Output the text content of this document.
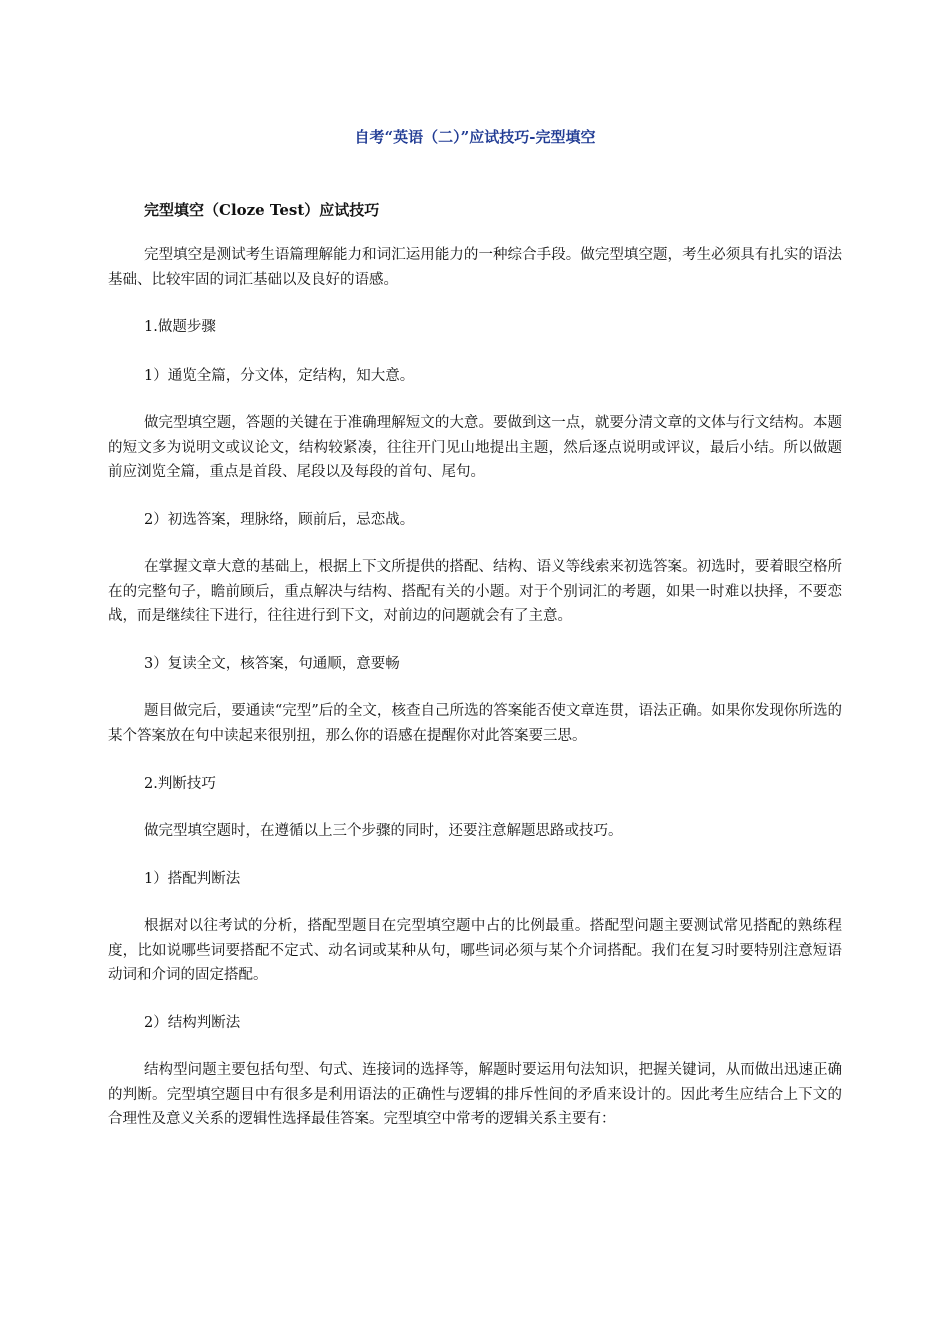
自考“英语（二）”应试技巧-完型填空
完型填空（Cloze Test）应试技巧
完型填空是测试考生语篇理解能力和词汇运用能力的一种综合手段。做完型填空题，考生必须具有扎实的语法基础、比较牢固的词汇基础以及良好的语感。
1.做题步骤
1）通览全篇，分文体，定结构，知大意。
做完型填空题，答题的关键在于准确理解短文的大意。要做到这一点，就要分清文章的文体与行文结构。本题的短文多为说明文或议论文，结构较紧凑，往往开门见山地提出主题，然后逐点说明或评议，最后小结。所以做题前应浏览全篇，重点是首段、尾段以及每段的首句、尾句。
2）初选答案，理脉络，顾前后，忌恋战。
在掌握文章大意的基础上，根据上下文所提供的搭配、结构、语义等线索来初选答案。初选时，要着眼空格所在的完整句子，瞻前顾后，重点解决与结构、搭配有关的小题。对于个别词汇的考题，如果一时难以抉择，不要恋战，而是继续往下进行，往往进行到下文，对前边的问题就会有了主意。
3）复读全文，核答案，句通顺，意要畅
题目做完后，要通读“完型”后的全文，核查自己所选的答案能否使文章连贯，语法正确。如果你发现你所选的某个答案放在句中读起来很别扭，那么你的语感在提醒你对此答案要三思。
2.判断技巧
做完型填空题时，在遵循以上三个步骤的同时，还要注意解题思路或技巧。
1）搭配判断法
根据对以往考试的分析，搭配型题目在完型填空题中占的比例最重。搭配型问题主要测试常见搭配的熟练程度，比如说哪些词要搭配不定式、动名词或某种从句，哪些词必须与某个介词搭配。我们在复习时要特别注意短语动词和介词的固定搭配。
2）结构判断法
结构型问题主要包括句型、句式、连接词的选择等，解题时要运用句法知识，把握关键词，从而做出迅速正确的判断。完型填空题目中有很多是利用语法的正确性与逻辑的排斥性间的矛盾来设计的。因此考生应结合上下文的合理性及意义关系的逻辑性选择最佳答案。完型填空中常考的逻辑关系主要有：
